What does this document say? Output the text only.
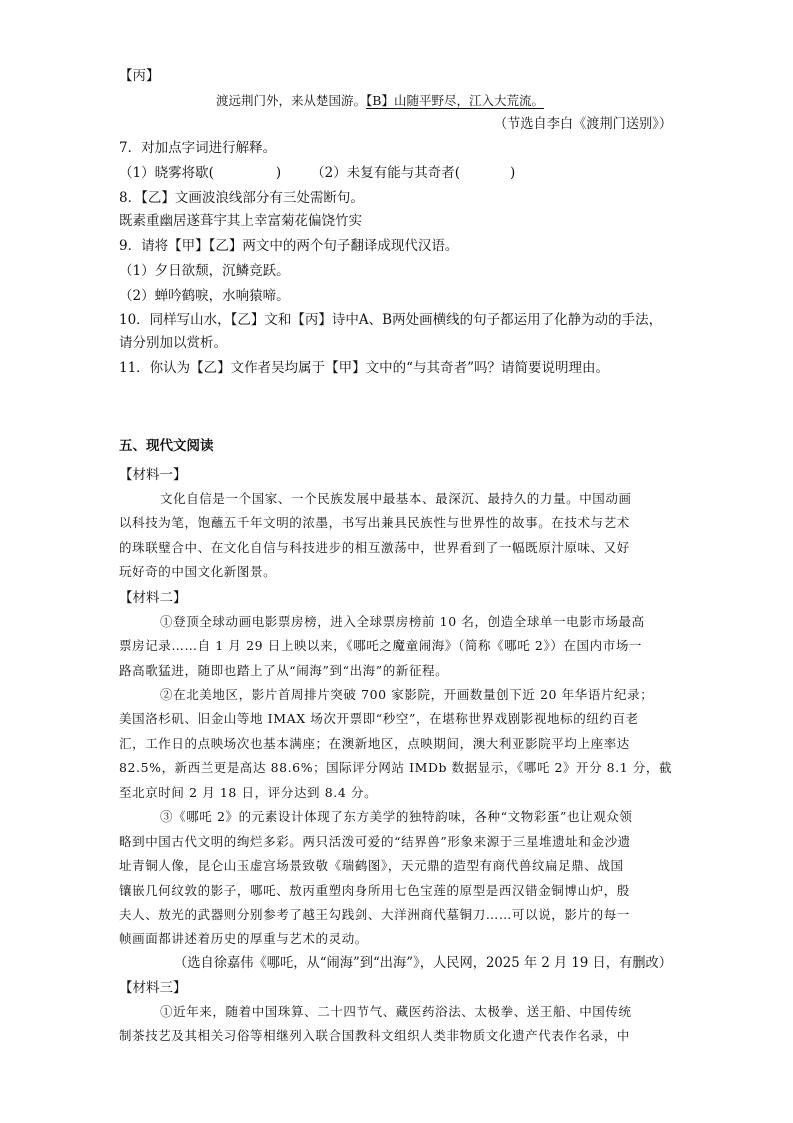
【丙】
渡远荆门外，来从楚国游。【B】山随平野尽，江入大荒流。
（节选自李白《渡荆门送别》）
7．对加点字词进行解释。
（1）晓雾将歇(	) （2）未复有能与其奇者(	)
8．【乙】文画波浪线部分有三处需断句。
既素重幽居遂葺宇其上幸富菊花偏饶竹实
9．请将【甲】【乙】两文中的两个句子翻译成现代汉语。
（1）夕日欲颓，沉鳞竞跃。
（2）蝉吟鹤唳，水响猿啼。
10．同样写山水，【乙】文和【丙】诗中A、B两处画横线的句子都运用了化静为动的手法，
请分别加以赏析。
11．你认为【乙】文作者吴均属于【甲】文中的“与其奇者”吗？请简要说明理由。
五、现代文阅读
【材料一】
文化自信是一个国家、一个民族发展中最基本、最深沉、最持久的力量。中国动画
以科技为笔，饱蘸五千年文明的浓墨，书写出兼具民族性与世界性的故事。在技术与艺术
的珠联璧合中、在文化自信与科技进步的相互激荡中，世界看到了一幅既原汁原味、又好
玩好奇的中国文化新图景。
【材料二】
①登顶全球动画电影票房榜，进入全球票房榜前 10 名，创造全球单一电影市场最高
票房记录……自 1 月 29 日上映以来，《哪吒之魔童闹海》（简称《哪吒 2》）在国内市场一
路高歌猛进，随即也踏上了从“闹海”到“出海”的新征程。
②在北美地区，影片首周排片突破 700 家影院，开画数量创下近 20 年华语片纪录；
美国洛杉矶、旧金山等地 IMAX 场次开票即“秒空”，在堪称世界戏剧影视地标的纽约百老
汇，工作日的点映场次也基本满座；在澳新地区，点映期间，澳大利亚影院平均上座率达
82.5%，新西兰更是高达 88.6%；国际评分网站 IMDb 数据显示，《哪吒 2》开分 8.1 分，截
至北京时间 2 月 18 日，评分达到 8.4 分。
③《哪吒 2》的元素设计体现了东方美学的独特韵味，各种“文物彩蛋”也让观众领
略到中国古代文明的绚烂多彩。两只活泼可爱的“结界兽”形象来源于三星堆遗址和金沙遗
址青铜人像，昆仑山玉虚宫场景致敬《瑞鹤图》，天元鼎的造型有商代兽纹扁足鼎、战国
镶嵌几何纹敦的影子，哪吒、敖丙重塑肉身所用七色宝莲的原型是西汉错金铜博山炉，殷
夫人、敖光的武器则分别参考了越王勾践剑、大洋洲商代墓铜刀……可以说，影片的每一
帧画面都讲述着历史的厚重与艺术的灵动。
（选自徐嘉伟《哪吒，从“闹海”到“出海”》，人民网，2025 年 2 月 19 日，有删改）
【材料三】
①近年来，随着中国珠算、二十四节气、藏医药浴法、太极拳、送王船、中国传统
制茶技艺及其相关习俗等相继列入联合国教科文组织人类非物质文化遗产代表作名录，中
